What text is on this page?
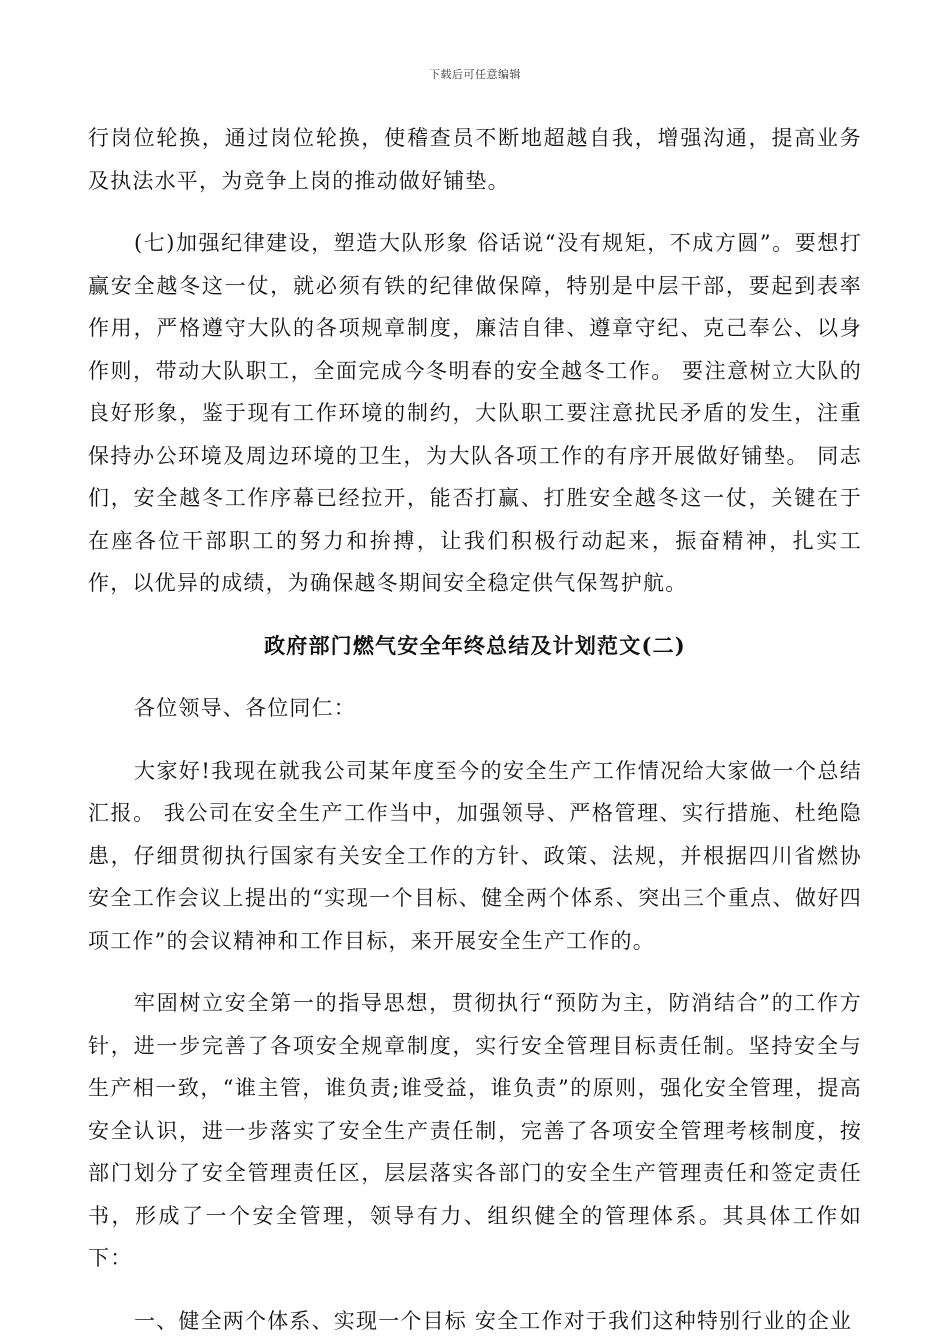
下载后可任意编辑

行岗位轮换，通过岗位轮换，使稽查员不断地超越自我，增强沟通，提高业务及执法水平，为竞争上岗的推动做好铺垫。

(七)加强纪律建设，塑造大队形象 俗话说“没有规矩，不成方圆”。要想打赢安全越冬这一仗，就必须有铁的纪律做保障，特别是中层干部，要起到表率作用，严格遵守大队的各项规章制度，廉洁自律、遵章守纪、克己奉公、以身作则，带动大队职工，全面完成今冬明春的安全越冬工作。 要注意树立大队的良好形象，鉴于现有工作环境的制约，大队职工要注意扰民矛盾的发生，注重保持办公环境及周边环境的卫生，为大队各项工作的有序开展做好铺垫。 同志们，安全越冬工作序幕已经拉开，能否打赢、打胜安全越冬这一仗，关键在于在座各位干部职工的努力和拚搏，让我们积极行动起来，振奋精神，扎实工作，以优异的成绩，为确保越冬期间安全稳定供气保驾护航。

政府部门燃气安全年终总结及计划范文(二)

各位领导、各位同仁：

大家好!我现在就我公司某年度至今的安全生产工作情况给大家做一个总结汇报。 我公司在安全生产工作当中，加强领导、严格管理、实行措施、杜绝隐患，仔细贯彻执行国家有关安全工作的方针、政策、法规，并根据四川省燃协安全工作会议上提出的“实现一个目标、健全两个体系、突出三个重点、做好四项工作”的会议精神和工作目标，来开展安全生产工作的。

牢固树立安全第一的指导思想，贯彻执行“预防为主，防消结合”的工作方针，进一步完善了各项安全规章制度，实行安全管理目标责任制。坚持安全与生产相一致，“谁主管，谁负责;谁受益，谁负责”的原则，强化安全管理，提高安全认识，进一步落实了安全生产责任制，完善了各项安全管理考核制度，按部门划分了安全管理责任区，层层落实各部门的安全生产管理责任和签定责任书，形成了一个安全管理，领导有力、组织健全的管理体系。其具体工作如下：

一、健全两个体系、实现一个目标 安全工作对于我们这种特别行业的企业
